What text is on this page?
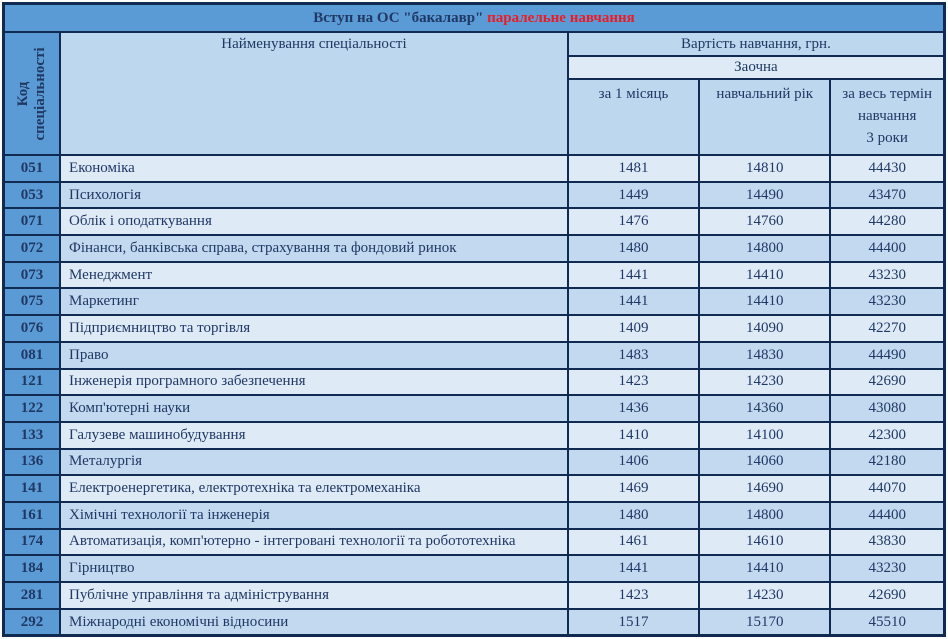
Вступ на ОС "бакалавр" паралельне навчання				

Код
спеціальності	Найменування спеціальності	Вартість навчання, грн.		
		Заочна		
		за 1 місяць	навчальний рік	за весь термін
навчання
3 роки
051	Економіка	1481	14810	44430
053	Психологія	1449	14490	43470
071	Облік і оподаткування	1476	14760	44280
072	Фінанси, банківська справа, страхування та фондовий ринок	1480	14800	44400
073	Менеджмент	1441	14410	43230
075	Маркетинг	1441	14410	43230
076	Підприємництво та торгівля	1409	14090	42270
081	Право	1483	14830	44490
121	Інженерія програмного забезпечення	1423	14230	42690
122	Комп'ютерні науки	1436	14360	43080
133	Галузеве машинобудування	1410	14100	42300
136	Металургія	1406	14060	42180
141	Електроенергетика, електротехніка та електромеханіка	1469	14690	44070
161	Хімічні технології та інженерія	1480	14800	44400
174	Автоматизація, комп'ютерно - інтегровані технології та робототехніка	1461	14610	43830
184	Гірництво	1441	14410	43230
281	Публічне управління та адміністрування	1423	14230	42690
292	Міжнародні економічні відносини	1517	15170	45510
